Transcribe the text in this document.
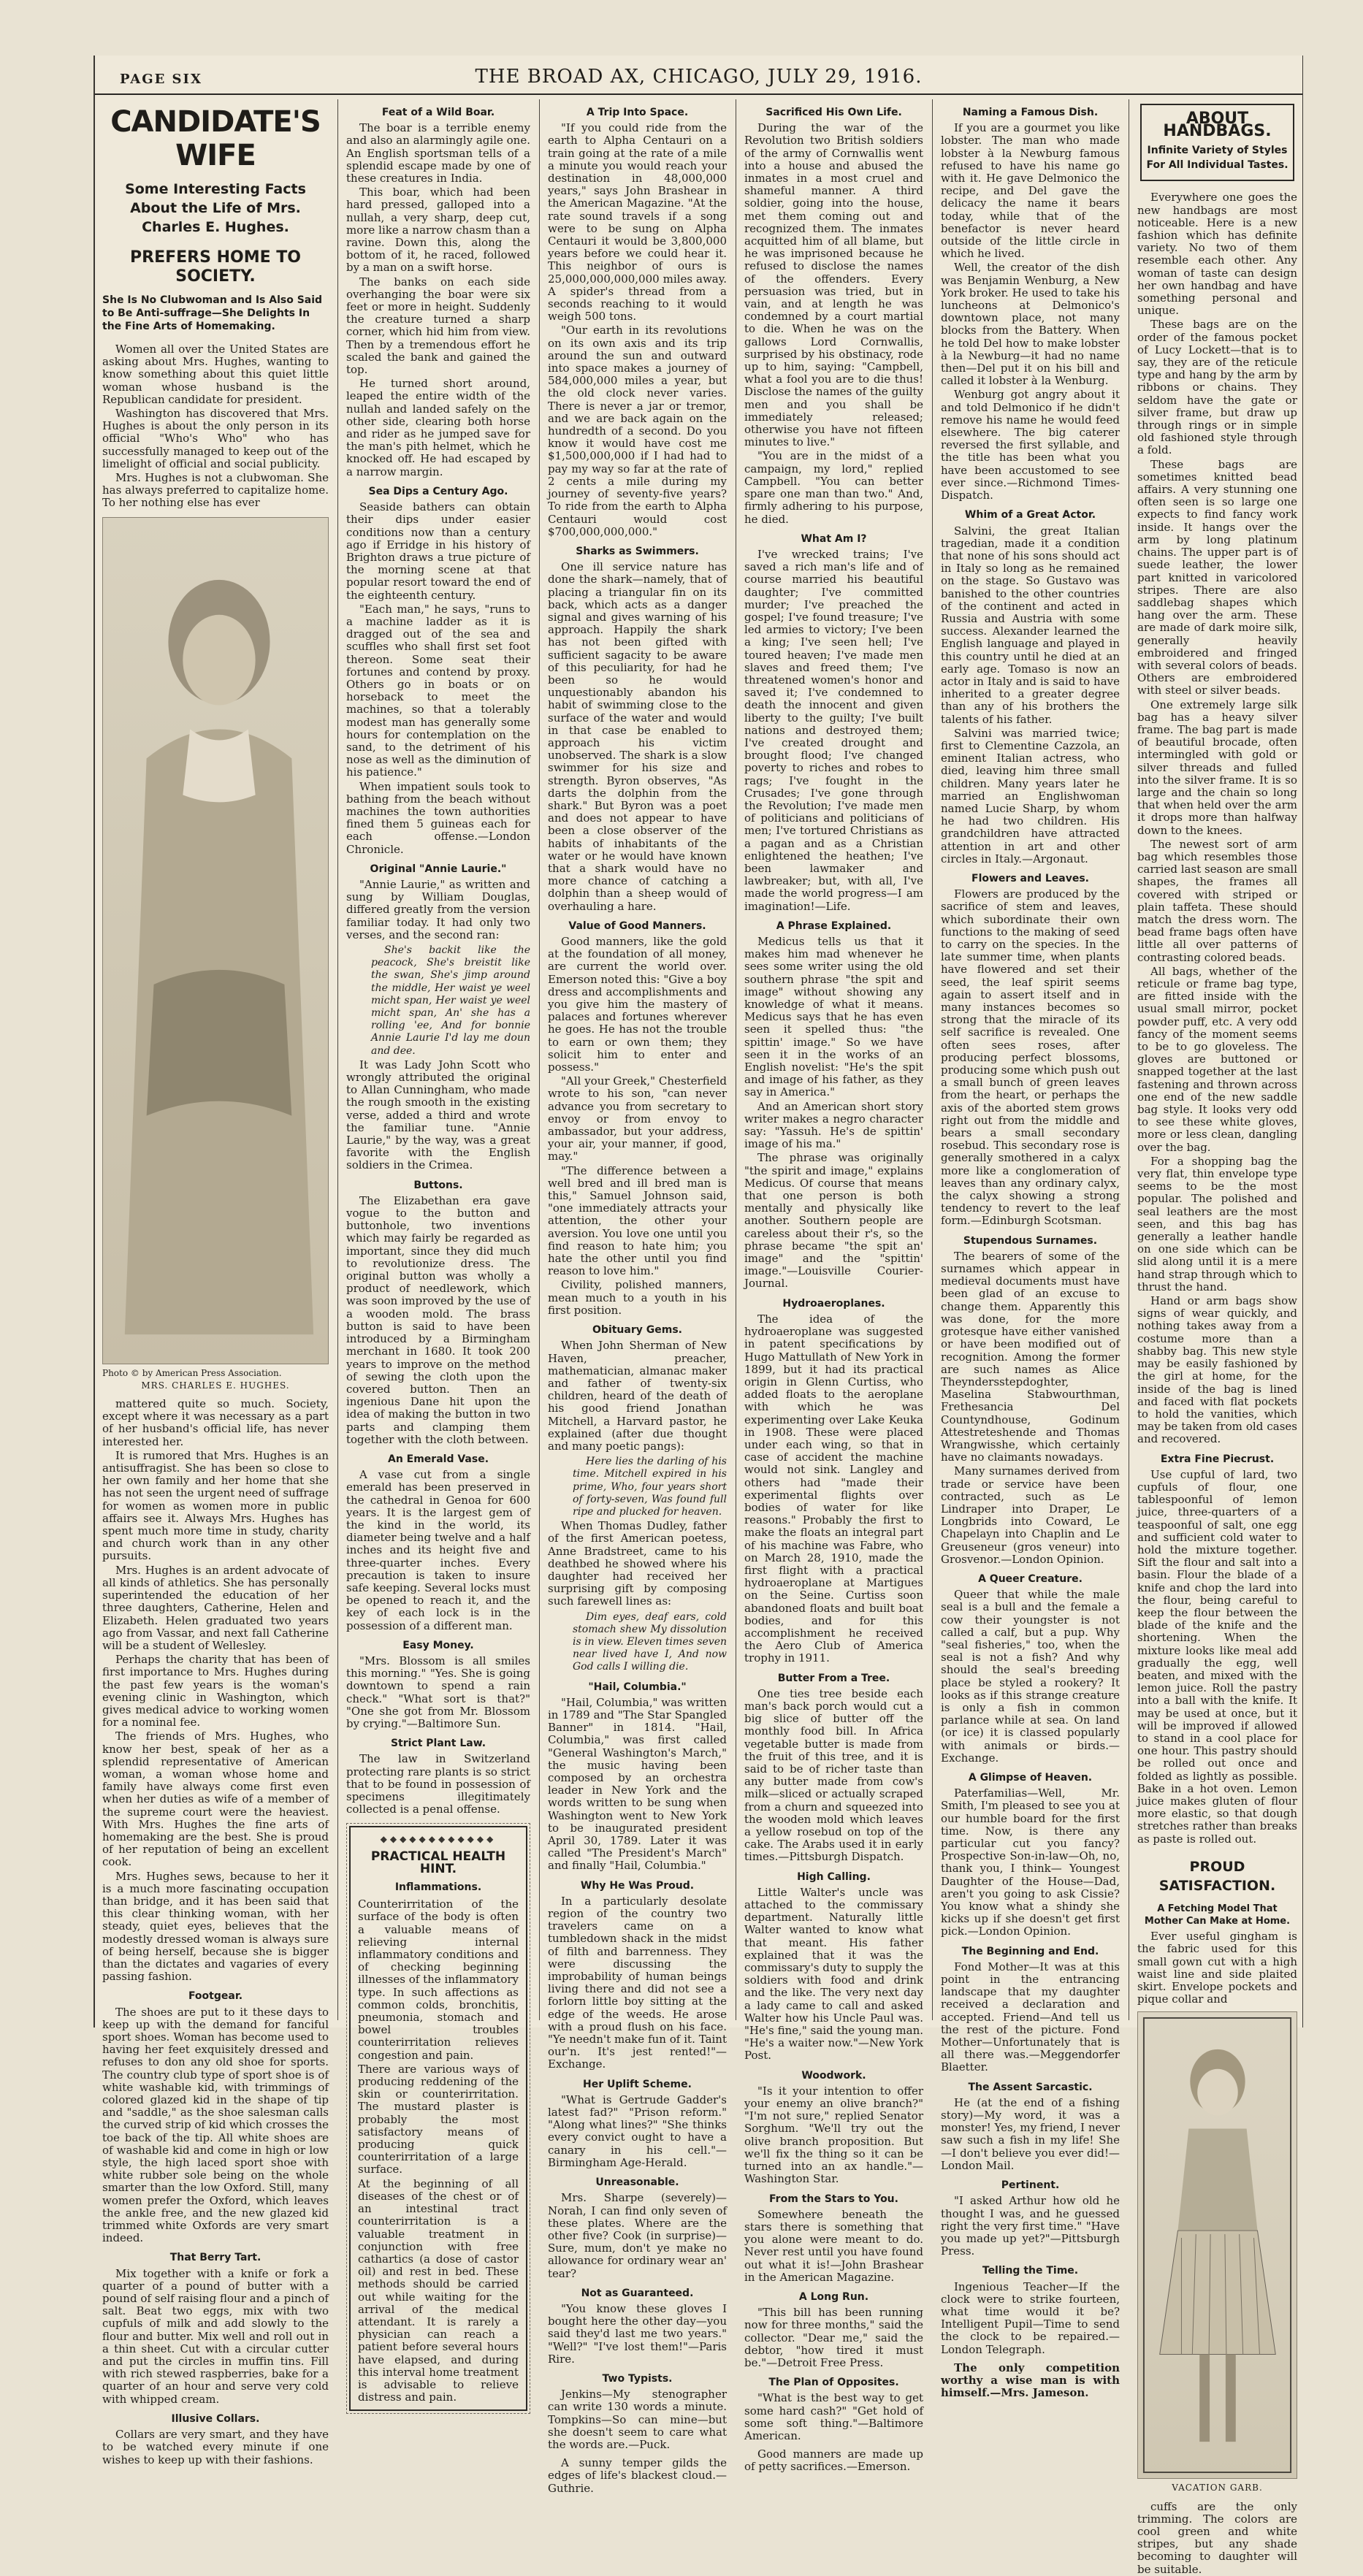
PAGE SIX	THE BROAD AX, CHICAGO, JULY 29, 1916.
CANDIDATE'S WIFE
Some Interesting Facts About the Life of Mrs. Charles E. Hughes.
PREFERS HOME TO SOCIETY.
She Is No Clubwoman and Is Also Said to Be Anti-suffrage—She Delights In the Fine Arts of Homemaking.

Women all over the United States are asking about Mrs. Hughes, wanting to know something about this quiet little woman whose husband is the Republican candidate for president.

Washington has discovered that Mrs. Hughes is about the only person in its official "Who's Who" who has successfully managed to keep out of the limelight of official and social publicity.

Mrs. Hughes is not a clubwoman. She has always preferred to capitalize home. To her nothing else has ever

Photo © by American Press Association.
MRS. CHARLES E. HUGHES.

mattered quite so much. Society, except where it was necessary as a part of her husband's official life, has never interested her.

It is rumored that Mrs. Hughes is an antisuffragist. She has been so close to her own family and her home that she has not seen the urgent need of suffrage for women as women more in public affairs see it. Always Mrs. Hughes has spent much more time in study, charity and church work than in any other pursuits.

Mrs. Hughes is an ardent advocate of all kinds of athletics. She has personally superintended the education of her three daughters, Catherine, Helen and Elizabeth. Helen graduated two years ago from Vassar, and next fall Catherine will be a student of Wellesley.

Perhaps the charity that has been of first importance to Mrs. Hughes during the past few years is the woman's evening clinic in Washington, which gives medical advice to working women for a nominal fee.

The friends of Mrs. Hughes, who know her best, speak of her as a splendid representative of American woman, a woman whose home and family have always come first even when her duties as wife of a member of the supreme court were the heaviest. With Mrs. Hughes the fine arts of homemaking are the best. She is proud of her reputation of being an excellent cook.

Mrs. Hughes sews, because to her it is a much more fascinating occupation than bridge, and it has been said that this clear thinking woman, with her steady, quiet eyes, believes that the modestly dressed woman is always sure of being herself, because she is bigger than the dictates and vagaries of every passing fashion.

Footgear.

The shoes are put to it these days to keep up with the demand for fanciful sport shoes. Woman has become used to having her feet exquisitely dressed and refuses to don any old shoe for sports. The country club type of sport shoe is of white washable kid, with trimmings of colored glazed kid in the shape of tip and "saddle," as the shoe salesman calls the curved strip of kid which crosses the toe back of the tip. All white shoes are of washable kid and come in high or low style, the high laced sport shoe with white rubber sole being on the whole smarter than the low Oxford. Still, many women prefer the Oxford, which leaves the ankle free, and the new glazed kid trimmed white Oxfords are very smart indeed.

That Berry Tart.

Mix together with a knife or fork a quarter of a pound of butter with a pound of self raising flour and a pinch of salt. Beat two eggs, mix with two cupfuls of milk and add slowly to the flour and butter. Mix well and roll out in a thin sheet. Cut with a circular cutter and put the circles in muffin tins. Fill with rich stewed raspberries, bake for a quarter of an hour and serve very cold with whipped cream.

Illusive Collars.

Collars are very smart, and they have to be watched every minute if one wishes to keep up with their fashions.

Feat of a Wild Boar.

The boar is a terrible enemy and also an alarmingly agile one. An English sportsman tells of a splendid escape made by one of these creatures in India.

This boar, which had been hard pressed, galloped into a nullah, a very sharp, deep cut, more like a narrow chasm than a ravine. Down this, along the bottom of it, he raced, followed by a man on a swift horse.

The banks on each side overhanging the boar were six feet or more in height. Suddenly the creature turned a sharp corner, which hid him from view. Then by a tremendous effort he scaled the bank and gained the top.

He turned short around, leaped the entire width of the nullah and landed safely on the other side, clearing both horse and rider as he jumped save for the man's pith helmet, which he knocked off. He had escaped by a narrow margin.

Sea Dips a Century Ago.

Seaside bathers can obtain their dips under easier conditions now than a century ago if Erridge in his history of Brighton draws a true picture of the morning scene at that popular resort toward the end of the eighteenth century.

"Each man," he says, "runs to a machine ladder as it is dragged out of the sea and scuffles who shall first set foot thereon. Some seat their fortunes and contend by proxy. Others go in boats or on horseback to meet the machines, so that a tolerably modest man has generally some hours for contemplation on the sand, to the detriment of his nose as well as the diminution of his patience."

When impatient souls took to bathing from the beach without machines the town authorities fined them 5 guineas each for each offense.—London Chronicle.

Original "Annie Laurie."

"Annie Laurie," as written and sung by William Douglas, differed greatly from the version familiar today. It had only two verses, and the second ran:

She's backit like the peacock, She's breistit like the swan, She's jimp around the middle, Her waist ye weel micht span, Her waist ye weel micht span, An' she has a rolling 'ee, And for bonnie Annie Laurie I'd lay me doun and dee.

It was Lady John Scott who wrongly attributed the original to Allan Cunningham, who made the rough smooth in the existing verse, added a third and wrote the familiar tune. "Annie Laurie," by the way, was a great favorite with the English soldiers in the Crimea.

Buttons.

The Elizabethan era gave vogue to the button and buttonhole, two inventions which may fairly be regarded as important, since they did much to revolutionize dress. The original button was wholly a product of needlework, which was soon improved by the use of a wooden mold. The brass button is said to have been introduced by a Birmingham merchant in 1680. It took 200 years to improve on the method of sewing the cloth upon the covered button. Then an ingenious Dane hit upon the idea of making the button in two parts and clamping them together with the cloth between.

An Emerald Vase.

A vase cut from a single emerald has been preserved in the cathedral in Genoa for 600 years. It is the largest gem of the kind in the world, its diameter being twelve and a half inches and its height five and three-quarter inches. Every precaution is taken to insure safe keeping. Several locks must be opened to reach it, and the key of each lock is in the possession of a different man.

Easy Money.

"Mrs. Blossom is all smiles this morning." "Yes. She is going downtown to spend a rain check." "What sort is that?" "One she got from Mr. Blossom by crying."—Baltimore Sun.

Strict Plant Law.

The law in Switzerland protecting rare plants is so strict that to be found in possession of specimens illegitimately collected is a penal offense.

◆◆◆◆◆◆◆◆◆◆◆◆
PRACTICAL HEALTH HINT.
Inflammations.

Counterirritation of the surface of the body is often a valuable means of relieving internal inflammatory conditions and of checking beginning illnesses of the inflammatory type. In such affections as common colds, bronchitis, pneumonia, stomach and bowel troubles counterirritation relieves congestion and pain.

There are various ways of producing reddening of the skin or counterirritation. The mustard plaster is probably the most satisfactory means of producing quick counterirritation of a large surface.

At the beginning of all diseases of the chest or of an intestinal tract counterirritation is a valuable treatment in conjunction with free cathartics (a dose of castor oil) and rest in bed. These methods should be carried out while waiting for the arrival of the medical attendant. It is rarely a physician can reach a patient before several hours have elapsed, and during this interval home treatment is advisable to relieve distress and pain.

A Trip Into Space.

"If you could ride from the earth to Alpha Centauri on a train going at the rate of a mile a minute you would reach your destination in 48,000,000 years," says John Brashear in the American Magazine. "At the rate sound travels if a song were to be sung on Alpha Centauri it would be 3,800,000 years before we could hear it. This neighbor of ours is 25,000,000,000,000 miles away. A spider's thread from a seconds reaching to it would weigh 500 tons.

"Our earth in its revolutions on its own axis and its trip around the sun and outward into space makes a journey of 584,000,000 miles a year, but the old clock never varies. There is never a jar or tremor, and we are back again on the hundredth of a second. Do you know it would have cost me $1,500,000,000 if I had had to pay my way so far at the rate of 2 cents a mile during my journey of seventy-five years? To ride from the earth to Alpha Centauri would cost $700,000,000,000."

Sharks as Swimmers.

One ill service nature has done the shark—namely, that of placing a triangular fin on its back, which acts as a danger signal and gives warning of his approach. Happily the shark has not been gifted with sufficient sagacity to be aware of this peculiarity, for had he been so he would unquestionably abandon his habit of swimming close to the surface of the water and would in that case be enabled to approach his victim unobserved. The shark is a slow swimmer for his size and strength. Byron observes, "As darts the dolphin from the shark." But Byron was a poet and does not appear to have been a close observer of the habits of inhabitants of the water or he would have known that a shark would have no more chance of catching a dolphin than a sheep would of overhauling a hare.

Value of Good Manners.

Good manners, like the gold at the foundation of all money, are current the world over. Emerson noted this: "Give a boy dress and accomplishments and you give him the mastery of palaces and fortunes wherever he goes. He has not the trouble to earn or own them; they solicit him to enter and possess."

"All your Greek," Chesterfield wrote to his son, "can never advance you from secretary to envoy or from envoy to ambassador, but your address, your air, your manner, if good, may."

"The difference between a well bred and ill bred man is this," Samuel Johnson said, "one immediately attracts your attention, the other your aversion. You love one until you find reason to hate him; you hate the other until you find reason to love him."

Civility, polished manners, mean much to a youth in his first position.

Obituary Gems.

When John Sherman of New Haven, preacher, mathematician, almanac maker and father of twenty-six children, heard of the death of his good friend Jonathan Mitchell, a Harvard pastor, he explained (after due thought and many poetic pangs):

Here lies the darling of his time. Mitchell expired in his prime, Who, four years short of forty-seven, Was found full ripe and plucked for heaven.

When Thomas Dudley, father of the first American poetess, Anne Bradstreet, came to his deathbed he showed where his daughter had received her surprising gift by composing such farewell lines as:

Dim eyes, deaf ears, cold stomach shew My dissolution is in view. Eleven times seven near lived have I, And now God calls I willing die.

"Hail, Columbia."

"Hail, Columbia," was written in 1789 and "The Star Spangled Banner" in 1814. "Hail, Columbia," was first called "General Washington's March," the music having been composed by an orchestra leader in New York and the words written to be sung when Washington went to New York to be inaugurated president April 30, 1789. Later it was called "The President's March" and finally "Hail, Columbia."

Why He Was Proud.

In a particularly desolate region of the country two travelers came on a tumbledown shack in the midst of filth and barrenness. They were discussing the improbability of human beings living there and did not see a forlorn little boy sitting at the edge of the weeds. He arose with a proud flush on his face. "Ye needn't make fun of it. Taint our'n. It's jest rented!"—Exchange.

Her Uplift Scheme.

"What is Gertrude Gadder's latest fad?" "Prison reform." "Along what lines?" "She thinks every convict ought to have a canary in his cell."—Birmingham Age-Herald.

Unreasonable.

Mrs. Sharpe (severely)—Norah, I can find only seven of these plates. Where are the other five? Cook (in surprise)—Sure, mum, don't ye make no allowance for ordinary wear an' tear?

Not as Guaranteed.

"You know these gloves I bought here the other day—you said they'd last me two years." "Well?" "I've lost them!"—Paris Rire.

Two Typists.

Jenkins—My stenographer can write 130 words a minute. Tompkins—So can mine—but she doesn't seem to care what the words are.—Puck.

A sunny temper gilds the edges of life's blackest cloud.—Guthrie.

Sacrificed His Own Life.

During the war of the Revolution two British soldiers of the army of Cornwallis went into a house and abused the inmates in a most cruel and shameful manner. A third soldier, going into the house, met them coming out and recognized them. The inmates acquitted him of all blame, but he was imprisoned because he refused to disclose the names of the offenders. Every persuasion was tried, but in vain, and at length he was condemned by a court martial to die. When he was on the gallows Lord Cornwallis, surprised by his obstinacy, rode up to him, saying: "Campbell, what a fool you are to die thus! Disclose the names of the guilty men and you shall be immediately released; otherwise you have not fifteen minutes to live."

"You are in the midst of a campaign, my lord," replied Campbell. "You can better spare one man than two." And, firmly adhering to his purpose, he died.

What Am I?

I've wrecked trains; I've saved a rich man's life and of course married his beautiful daughter; I've committed murder; I've preached the gospel; I've found treasure; I've led armies to victory; I've been a king; I've seen hell; I've toured heaven; I've made men slaves and freed them; I've threatened women's honor and saved it; I've condemned to death the innocent and given liberty to the guilty; I've built nations and destroyed them; I've created drought and brought flood; I've changed poverty to riches and robes to rags; I've fought in the Crusades; I've gone through the Revolution; I've made men of politicians and politicians of men; I've tortured Christians as a pagan and as a Christian enlightened the heathen; I've been lawmaker and lawbreaker; but, with all, I've made the world progress—I am imagination!—Life.

A Phrase Explained.

Medicus tells us that it makes him mad whenever he sees some writer using the old southern phrase "the spit and image" without showing any knowledge of what it means. Medicus says that he has even seen it spelled thus: "the spittin' image." So we have seen it in the works of an English novelist: "He's the spit and image of his father, as they say in America."

And an American short story writer makes a negro character say: "Yassuh. He's de spittin' image of his ma."

The phrase was originally "the spirit and image," explains Medicus. Of course that means that one person is both mentally and physically like another. Southern people are careless about their r's, so the phrase became "the spit an' image" and the "spittin' image."—Louisville Courier-Journal.

Hydroaeroplanes.

The idea of the hydroaeroplane was suggested in patent specifications by Hugo Mattullath of New York in 1899, but it had its practical origin in Glenn Curtiss, who added floats to the aeroplane with which he was experimenting over Lake Keuka in 1908. These were placed under each wing, so that in case of accident the machine would not sink. Langley and others had "made their experimental flights over bodies of water for like reasons." Probably the first to make the floats an integral part of his machine was Fabre, who on March 28, 1910, made the first flight with a practical hydroaeroplane at Martigues on the Seine. Curtiss soon abandoned floats and built boat bodies, and for this accomplishment he received the Aero Club of America trophy in 1911.

Butter From a Tree.

One ties tree beside each man's back porch would cut a big slice of butter off the monthly food bill. In Africa vegetable butter is made from the fruit of this tree, and it is said to be of richer taste than any butter made from cow's milk—sliced or actually scraped from a churn and squeezed into the wooden mold which leaves a yellow rosebud on top of the cake. The Arabs used it in early times.—Pittsburgh Dispatch.

High Calling.

Little Walter's uncle was attached to the commissary department. Naturally little Walter wanted to know what that meant. His father explained that it was the commissary's duty to supply the soldiers with food and drink and the like. The very next day a lady came to call and asked Walter how his Uncle Paul was. "He's fine," said the young man. "He's a waiter now."—New York Post.

Woodwork.

"Is it your intention to offer your enemy an olive branch?" "I'm not sure," replied Senator Sorghum. "We'll try out the olive branch proposition. But we'll fix the thing so it can be turned into an ax handle."—Washington Star.

From the Stars to You.

Somewhere beneath the stars there is something that you alone were meant to do. Never rest until you have found out what it is!—John Brashear in the American Magazine.

A Long Run.

"This bill has been running now for three months," said the collector. "Dear me," said the debtor, "how tired it must be."—Detroit Free Press.

The Plan of Opposites.

"What is the best way to get some hard cash?" "Get hold of some soft thing."—Baltimore American.

Good manners are made up of petty sacrifices.—Emerson.

Naming a Famous Dish.

If you are a gourmet you like lobster. The man who made lobster à la Newburg famous refused to have his name go with it. He gave Delmonico the recipe, and Del gave the delicacy the name it bears today, while that of the benefactor is never heard outside of the little circle in which he lived.

Well, the creator of the dish was Benjamin Wenburg, a New York broker. He used to take his luncheons at Delmonico's downtown place, not many blocks from the Battery. When he told Del how to make lobster à la Newburg—it had no name then—Del put it on his bill and called it lobster à la Wenburg.

Wenburg got angry about it and told Delmonico if he didn't remove his name he would feed elsewhere. The big caterer reversed the first syllable, and the title has been what you have been accustomed to see ever since.—Richmond Times-Dispatch.

Whim of a Great Actor.

Salvini, the great Italian tragedian, made it a condition that none of his sons should act in Italy so long as he remained on the stage. So Gustavo was banished to the other countries of the continent and acted in Russia and Austria with some success. Alexander learned the English language and played in this country until he died at an early age. Tomaso is now an actor in Italy and is said to have inherited to a greater degree than any of his brothers the talents of his father.

Salvini was married twice; first to Clementine Cazzola, an eminent Italian actress, who died, leaving him three small children. Many years later he married an Englishwoman named Lucie Sharp, by whom he had two children. His grandchildren have attracted attention in art and other circles in Italy.—Argonaut.

Flowers and Leaves.

Flowers are produced by the sacrifice of stem and leaves, which subordinate their own functions to the making of seed to carry on the species. In the late summer time, when plants have flowered and set their seed, the leaf spirit seems again to assert itself and in many instances becomes so strong that the miracle of its self sacrifice is revealed. One often sees roses, after producing perfect blossoms, producing some which push out a small bunch of green leaves from the heart, or perhaps the axis of the aborted stem grows right out from the middle and bears a small secondary rosebud. This secondary rose is generally smothered in a calyx more like a conglomeration of leaves than any ordinary calyx, the calyx showing a strong tendency to revert to the leaf form.—Edinburgh Scotsman.

Stupendous Surnames.

The bearers of some of the surnames which appear in medieval documents must have been glad of an excuse to change them. Apparently this was done, for the more grotesque have either vanished or have been modified out of recognition. Among the former are such names as Alice Theyndersstepdoghter, Maselina Stabwourthman, Frethesancia Del Countyndhouse, Godinum Attestreteshende and Thomas Wrangwisshe, which certainly have no claimants nowadays.

Many surnames derived from trade or service have been contracted, such as Le Lindraper into Draper, Le Longbrids into Coward, Le Chapelayn into Chaplin and Le Greuseneur (gros veneur) into Grosvenor.—London Opinion.

A Queer Creature.

Queer that while the male seal is a bull and the female a cow their youngster is not called a calf, but a pup. Why "seal fisheries," too, when the seal is not a fish? And why should the seal's breeding place be styled a rookery? It looks as if this strange creature is only a fish in common parlance while at sea. On land (or ice) it is classed popularly with animals or birds.—Exchange.

A Glimpse of Heaven.

Paterfamilias—Well, Mr. Smith, I'm pleased to see you at our humble board for the first time. Now, is there any particular cut you fancy? Prospective Son-in-law—Oh, no, thank you, I think— Youngest Daughter of the House—Dad, aren't you going to ask Cissie? You know what a shindy she kicks up if she doesn't get first pick.—London Opinion.

The Beginning and End.

Fond Mother—It was at this point in the entrancing landscape that my daughter received a declaration and accepted. Friend—And tell us the rest of the picture. Fond Mother—Unfortunately that is all there was.—Meggendorfer Blaetter.

The Assent Sarcastic.

He (at the end of a fishing story)—My word, it was a monster! Yes, my friend, I never saw such a fish in my life! She—I don't believe you ever did!—London Mail.

Pertinent.

"I asked Arthur how old he thought I was, and he guessed right the very first time." "Have you made up yet?"—Pittsburgh Press.

Telling the Time.

Ingenious Teacher—If the clock were to strike fourteen, what time would it be? Intelligent Pupil—Time to send the clock to be repaired.—London Telegraph.

The only competition worthy a wise man is with himself.—Mrs. Jameson.

ABOUT HANDBAGS.
Infinite Variety of Styles For All Individual Tastes.

Everywhere one goes the new handbags are most noticeable. Here is a new fashion which has definite variety. No two of them resemble each other. Any woman of taste can design her own handbag and have something personal and unique.

These bags are on the order of the famous pocket of Lucy Lockett—that is to say, they are of the reticule type and hang by the arm by ribbons or chains. They seldom have the gate or silver frame, but draw up through rings or in simple old fashioned style through a fold.

These bags are sometimes knitted bead affairs. A very stunning one often seen is so large one expects to find fancy work inside. It hangs over the arm by long platinum chains. The upper part is of suede leather, the lower part knitted in varicolored stripes. There are also saddlebag shapes which hang over the arm. These are made of dark moire silk, generally heavily embroidered and fringed with several colors of beads. Others are embroidered with steel or silver beads.

One extremely large silk bag has a heavy silver frame. The bag part is made of beautiful brocade, often intermingled with gold or silver threads and fulled into the silver frame. It is so large and the chain so long that when held over the arm it drops more than halfway down to the knees.

The newest sort of arm bag which resembles those carried last season are small shapes, the frames all covered with striped or plain taffeta. These should match the dress worn. The bead frame bags often have little all over patterns of contrasting colored beads.

All bags, whether of the reticule or frame bag type, are fitted inside with the usual small mirror, pocket powder puff, etc. A very odd fancy of the moment seems to be to go gloveless. The gloves are buttoned or snapped together at the last fastening and thrown across one end of the new saddle bag style. It looks very odd to see these white gloves, more or less clean, dangling over the bag.

For a shopping bag the very flat, thin envelope type seems to be the most popular. The polished and seal leathers are the most seen, and this bag has generally a leather handle on one side which can be slid along until it is a mere hand strap through which to thrust the hand.

Hand or arm bags show signs of wear quickly, and nothing takes away from a costume more than a shabby bag. This new style may be easily fashioned by the girl at home, for the inside of the bag is lined and faced with flat pockets to hold the vanities, which may be taken from old cases and recovered.

Extra Fine Piecrust.

Use cupful of lard, two cupfuls of flour, one tablespoonful of lemon juice, three-quarters of a teaspoonful of salt, one egg and sufficient cold water to hold the mixture together. Sift the flour and salt into a basin. Flour the blade of a knife and chop the lard into the flour, being careful to keep the flour between the blade of the knife and the shortening. When the mixture looks like meal add gradually the egg, well beaten, and mixed with the lemon juice. Roll the pastry into a ball with the knife. It may be used at once, but it will be improved if allowed to stand in a cool place for one hour. This pastry should be rolled out once and folded as lightly as possible. Bake in a hot oven. Lemon juice makes gluten of flour more elastic, so that dough stretches rather than breaks as paste is rolled out.

PROUD SATISFACTION.
A Fetching Model That Mother Can Make at Home.

Ever useful gingham is the fabric used for this small gown cut with a high waist line and side plaited skirt. Envelope pockets and pique collar and

VACATION GARB.

cuffs are the only trimming. The colors are cool green and white stripes, but any shade becoming to daughter will be suitable.
